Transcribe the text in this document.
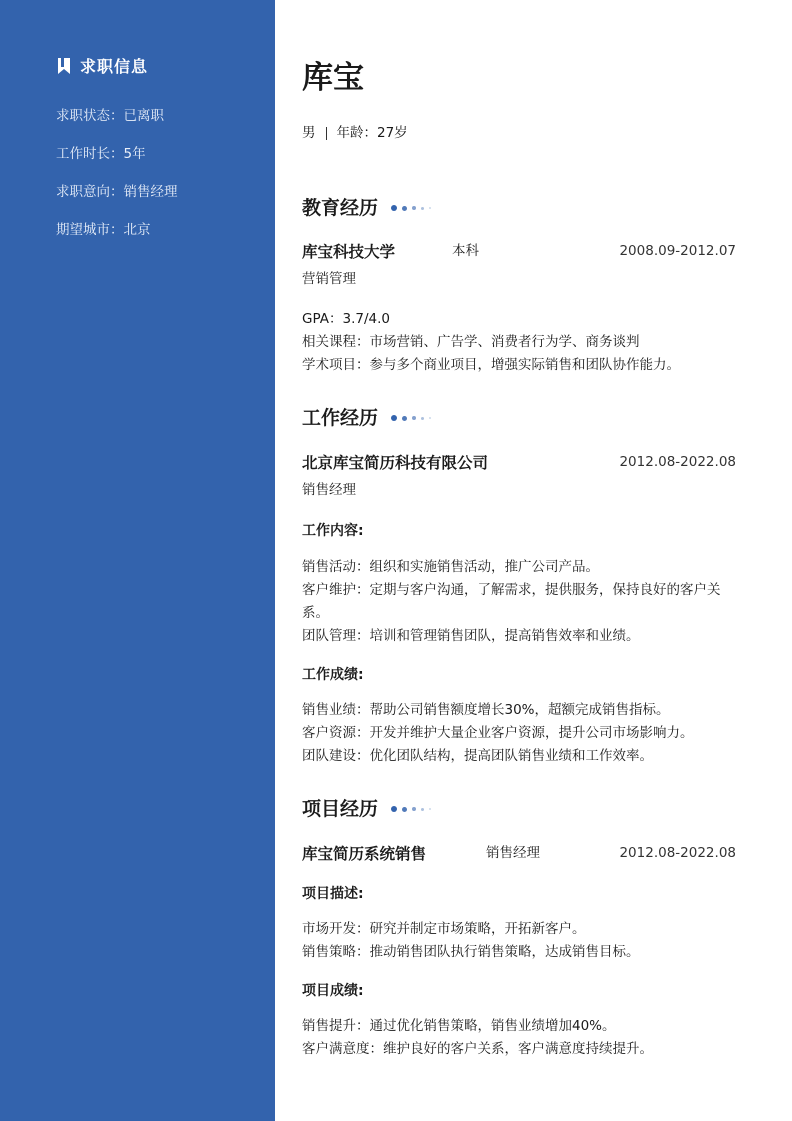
求职信息
求职状态：已离职
工作时长：5年
求职意向：销售经理
期望城市：北京
库宝
男 年龄：27岁
教育经历
库宝科技大学	本科	2008.09-2012.07
营销管理
GPA：3.7/4.0
相关课程：市场营销、广告学、消费者行为学、商务谈判
学术项目：参与多个商业项目，增强实际销售和团队协作能力。
工作经历
北京库宝简历科技有限公司	2012.08-2022.08
销售经理
工作内容:
销售活动：组织和实施销售活动，推广公司产品。
客户维护：定期与客户沟通，了解需求，提供服务，保持良好的客户关
系。
团队管理：培训和管理销售团队，提高销售效率和业绩。
工作成绩:
销售业绩：帮助公司销售额度增长30%，超额完成销售指标。
客户资源：开发并维护大量企业客户资源，提升公司市场影响力。
团队建设：优化团队结构，提高团队销售业绩和工作效率。
项目经历
库宝简历系统销售	销售经理	2012.08-2022.08
项目描述:
市场开发：研究并制定市场策略，开拓新客户。
销售策略：推动销售团队执行销售策略，达成销售目标。
项目成绩:
销售提升：通过优化销售策略，销售业绩增加40%。
客户满意度：维护良好的客户关系，客户满意度持续提升。
